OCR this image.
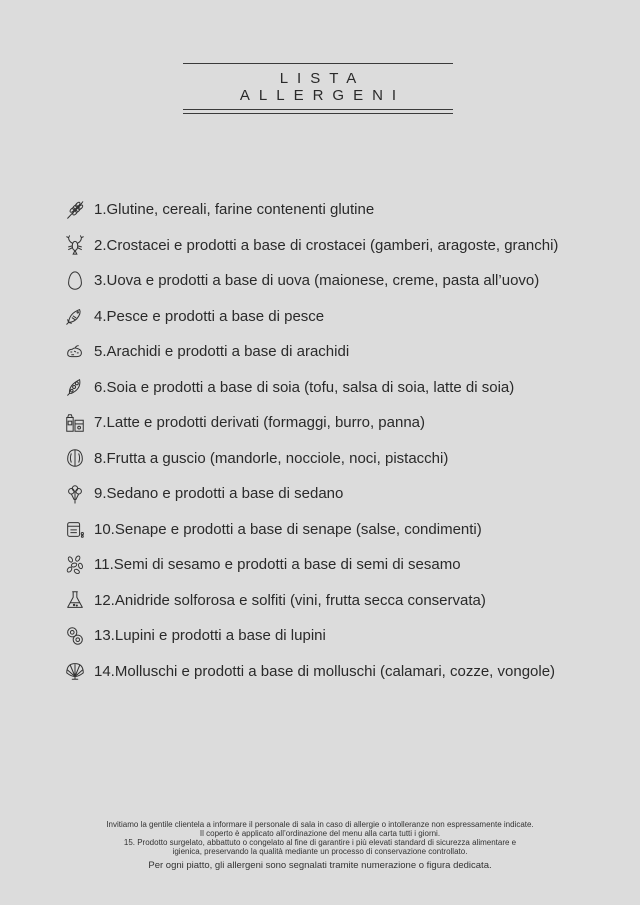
LISTA ALLERGENI
1.Glutine, cereali, farine contenenti glutine
2.Crostacei e prodotti a base di crostacei (gamberi, aragoste, granchi)
3.Uova e prodotti a base di uova (maionese, creme, pasta all’uovo)
4.Pesce e prodotti a base di pesce
5.Arachidi e prodotti a base di arachidi
6.Soia e prodotti a base di soia (tofu, salsa di soia, latte di soia)
7.Latte e prodotti derivati (formaggi, burro, panna)
8.Frutta a guscio (mandorle, nocciole, noci, pistacchi)
9.Sedano e prodotti a base di sedano
10.Senape e prodotti a base di senape (salse, condimenti)
11.Semi di sesamo e prodotti a base di semi di sesamo
12.Anidride solforosa e solfiti (vini, frutta secca conservata)
13.Lupini e prodotti a base di lupini
14.Molluschi e prodotti a base di molluschi (calamari, cozze, vongole)

Invitiamo la gentile clientela a informare il personale di sala in caso di allergie o intolleranze non espressamente indicate.

Il coperto è applicato all’ordinazione del menu alla carta tutti i giorni.

15. Prodotto surgelato, abbattuto o congelato al fine di garantire i più elevati standard di sicurezza alimentare e

igienica, preservando la qualità mediante un processo di conservazione controllato.

Per ogni piatto, gli allergeni sono segnalati tramite numerazione o figura dedicata.
